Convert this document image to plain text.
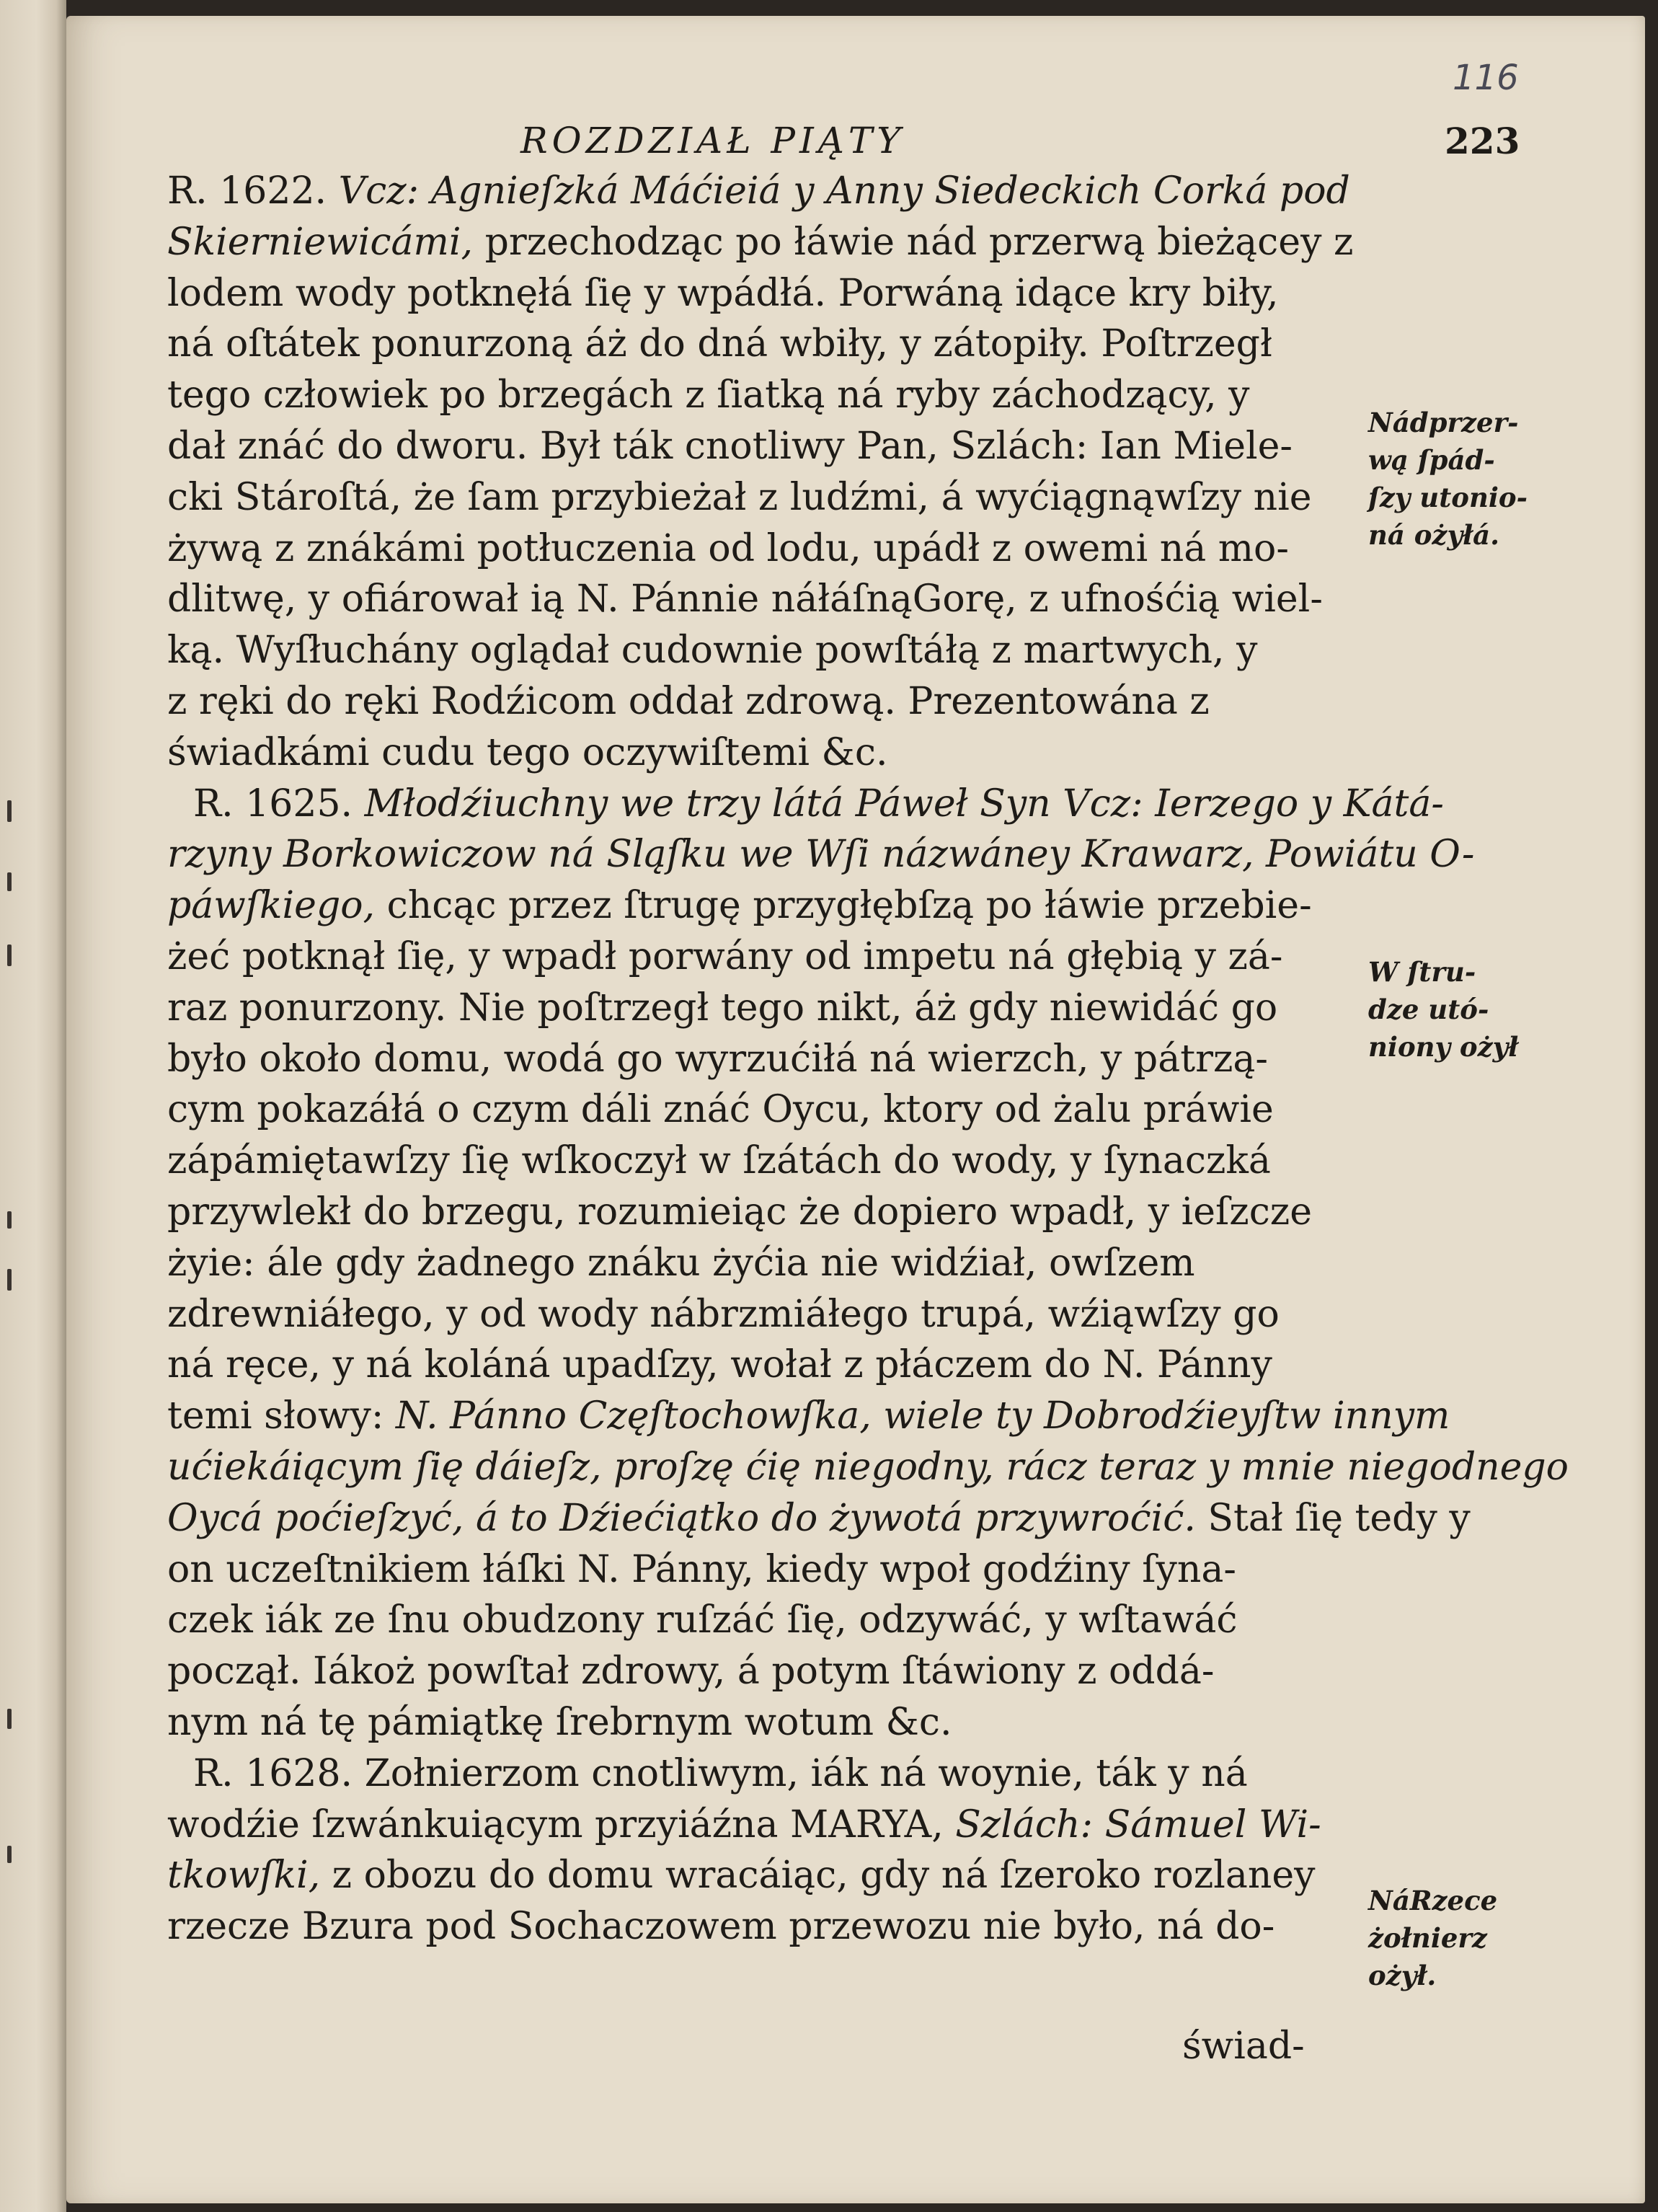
116
ROZDZIAŁ PIĄTY	223
R. 1622. Vcz: Agnieſzká Máćieiá y Anny Siedeckich Corká pod
Skierniewicámi, przechodząc po łáwie nád przerwą bieżącey z
lodem wody potknęłá ſię y wpádłá. Porwáną idące kry biły,
ná oſtátek ponurzoną áż do dná wbiły, y zátopiły. Poſtrzegł
tego człowiek po brzegách z ſiatką ná ryby záchodzący, y
dał znáć do dworu. Był ták cnotliwy Pan, Szlách: Ian Miele-
cki Stároſtá, że ſam przybieżał z ludźmi, á wyćiągnąwſzy nie
żywą z znákámi potłuczenia od lodu, upádł z owemi ná mo-
dlitwę, y ofiárował ią N. Pánnie náłáſnąGorę, z ufnośćią wiel-
ką. Wyſłuchány oglądał cudownie powſtáłą z martwych, y
z ręki do ręki Rodźicom oddał zdrową. Prezentowána z
świadkámi cudu tego oczywiſtemi &c.
R. 1625. Młodźiuchny we trzy látá Páweł Syn Vcz: Ierzego y Kátá-
rzyny Borkowiczow ná Sląſku we Wſi názwáney Krawarz, Powiátu O-
páwſkiego, chcąc przez ſtrugę przygłębſzą po łáwie przebie-
żeć potknął ſię, y wpadł porwány od impetu ná głębią y zá-
raz ponurzony. Nie poſtrzegł tego nikt, áż gdy niewidáć go
było około domu, wodá go wyrzućiłá ná wierzch, y pátrzą-
cym pokazáłá o czym dáli znáć Oycu, ktory od żalu práwie
zápámiętawſzy ſię wſkoczył w ſzátách do wody, y ſynaczká
przywlekł do brzegu, rozumieiąc że dopiero wpadł, y ieſzcze
żyie: ále gdy żadnego znáku żyćia nie widźiał, owſzem
zdrewniáłego, y od wody nábrzmiáłego trupá, wźiąwſzy go
ná ręce, y ná koláná upadſzy, wołał z płáczem do N. Pánny
temi słowy: N. Pánno Częſtochowſka, wiele ty Dobrodźieyſtw innym
ućiekáiącym ſię dáieſz, proſzę ćię niegodny, rácz teraz y mnie niegodnego
Oycá poćieſzyć, á to Dźiećiątko do żywotá przywroćić. Stał ſię tedy y
on uczeſtnikiem łáſki N. Pánny, kiedy wpoł godźiny ſyna-
czek iák ze ſnu obudzony ruſzáć ſię, odzywáć, y wſtawáć
począł. Iákoż powſtał zdrowy, á potym ſtáwiony z oddá-
nym ná tę pámiątkę ſrebrnym wotum &c.
R. 1628. Zołnierzom cnotliwym, iák ná woynie, ták y ná
wodźie ſzwánkuiącym przyiáźna MARYA, Szlách: Sámuel Wi-
tkowſki, z obozu do domu wracáiąc, gdy ná ſzeroko rozlaney
rzecze Bzura pod Sochaczowem przewozu nie było, ná do-
Nádprzer-
wą ſpád-
ſzy utonio-
ná ożyłá.
W ſtru-
dze utó-
niony ożył
NáRzece
żołnierz
ożył.
świad-
